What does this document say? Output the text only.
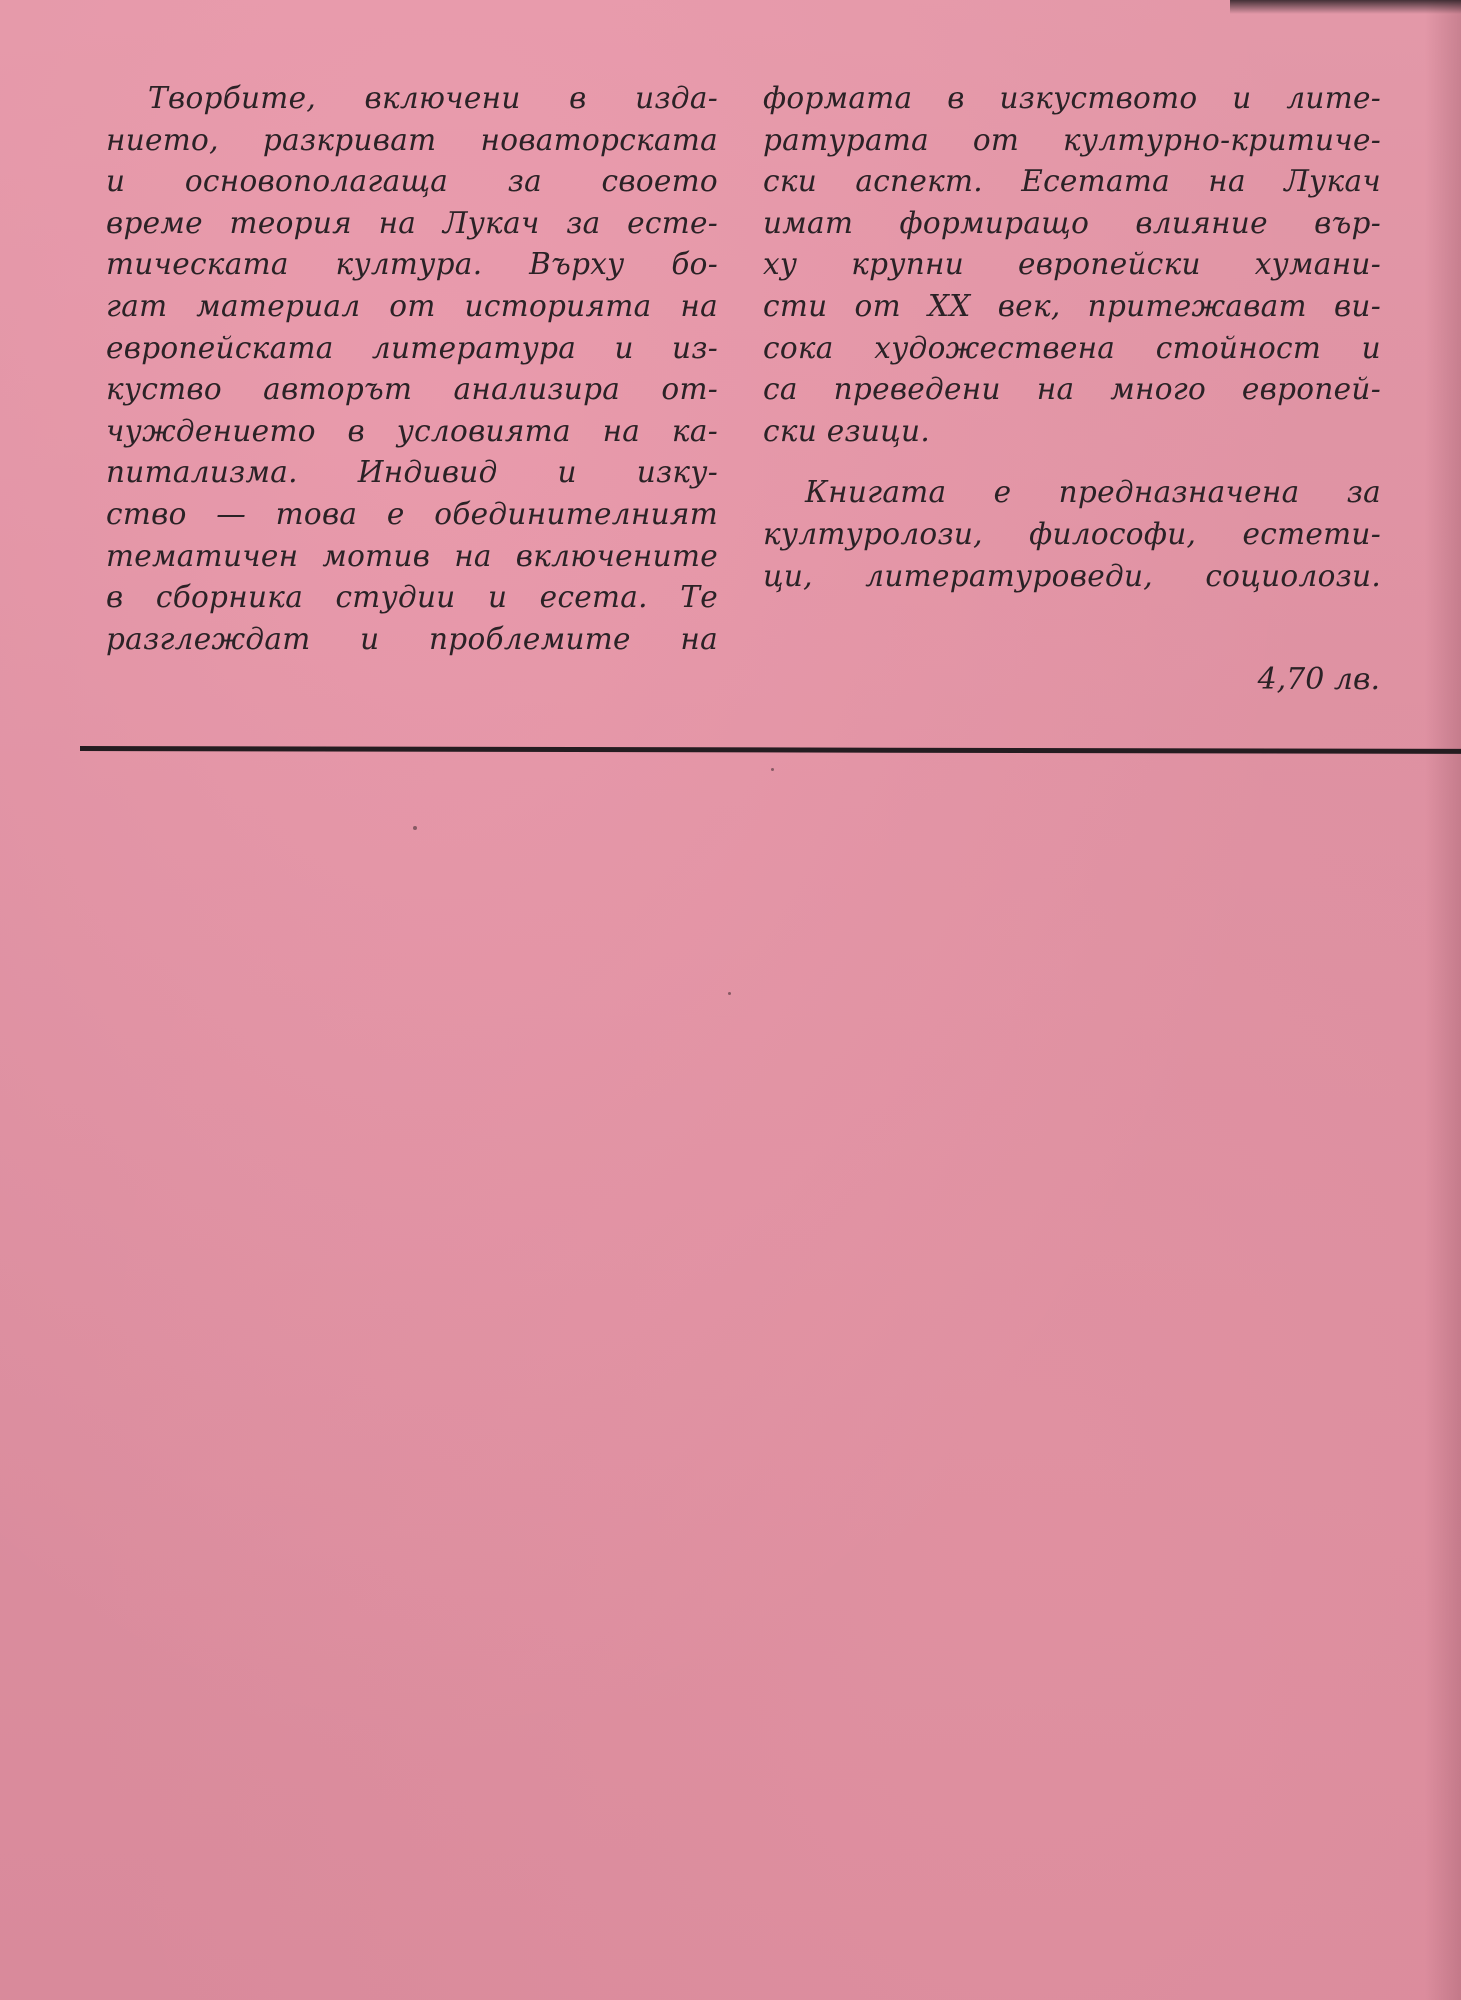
Творбите, включени в изда-
нието, разкриват новаторската
и основополагаща за своето
време теория на Лукач за есте-
тическата култура. Върху бо-
гат материал от историята на
европейската литература и из-
куство авторът анализира от-
чуждението в условията на ка-
питализма. Индивид и изку-
ство — това е обединителният
тематичен мотив на включените
в сборника студии и есета. Те
разглеждат и проблемите на
формата в изкуството и лите-
ратурата от културно-критиче-
ски аспект. Есетата на Лукач
имат формиращо влияние вър-
ху крупни европейски хумани-
сти от XX век, притежават ви-
сока художествена стойност и
са преведени на много европей-
ски езици.
Книгата е предназначена за
културолози, философи, естети-
ци, литературоведи, социолози.
4,70 лв.
